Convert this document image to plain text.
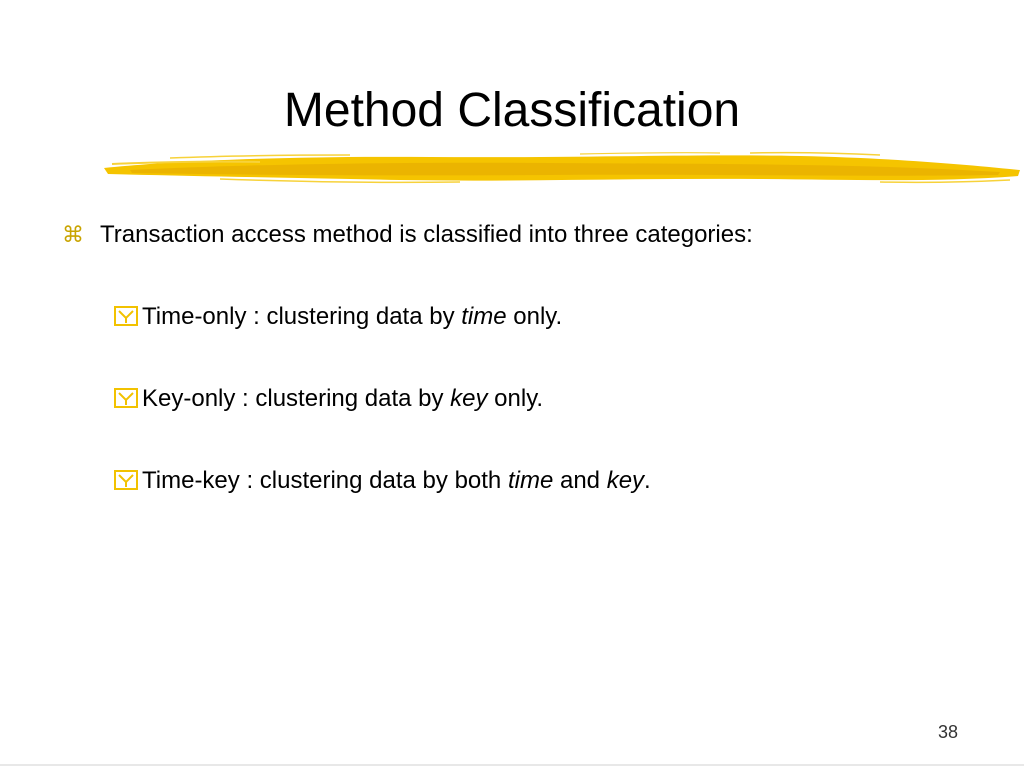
Method Classification
⌘ Transaction access method is classified into three categories:
Time-only : clustering data by time only.
Key-only : clustering data by key only.
Time-key : clustering data by both time and key.
38
